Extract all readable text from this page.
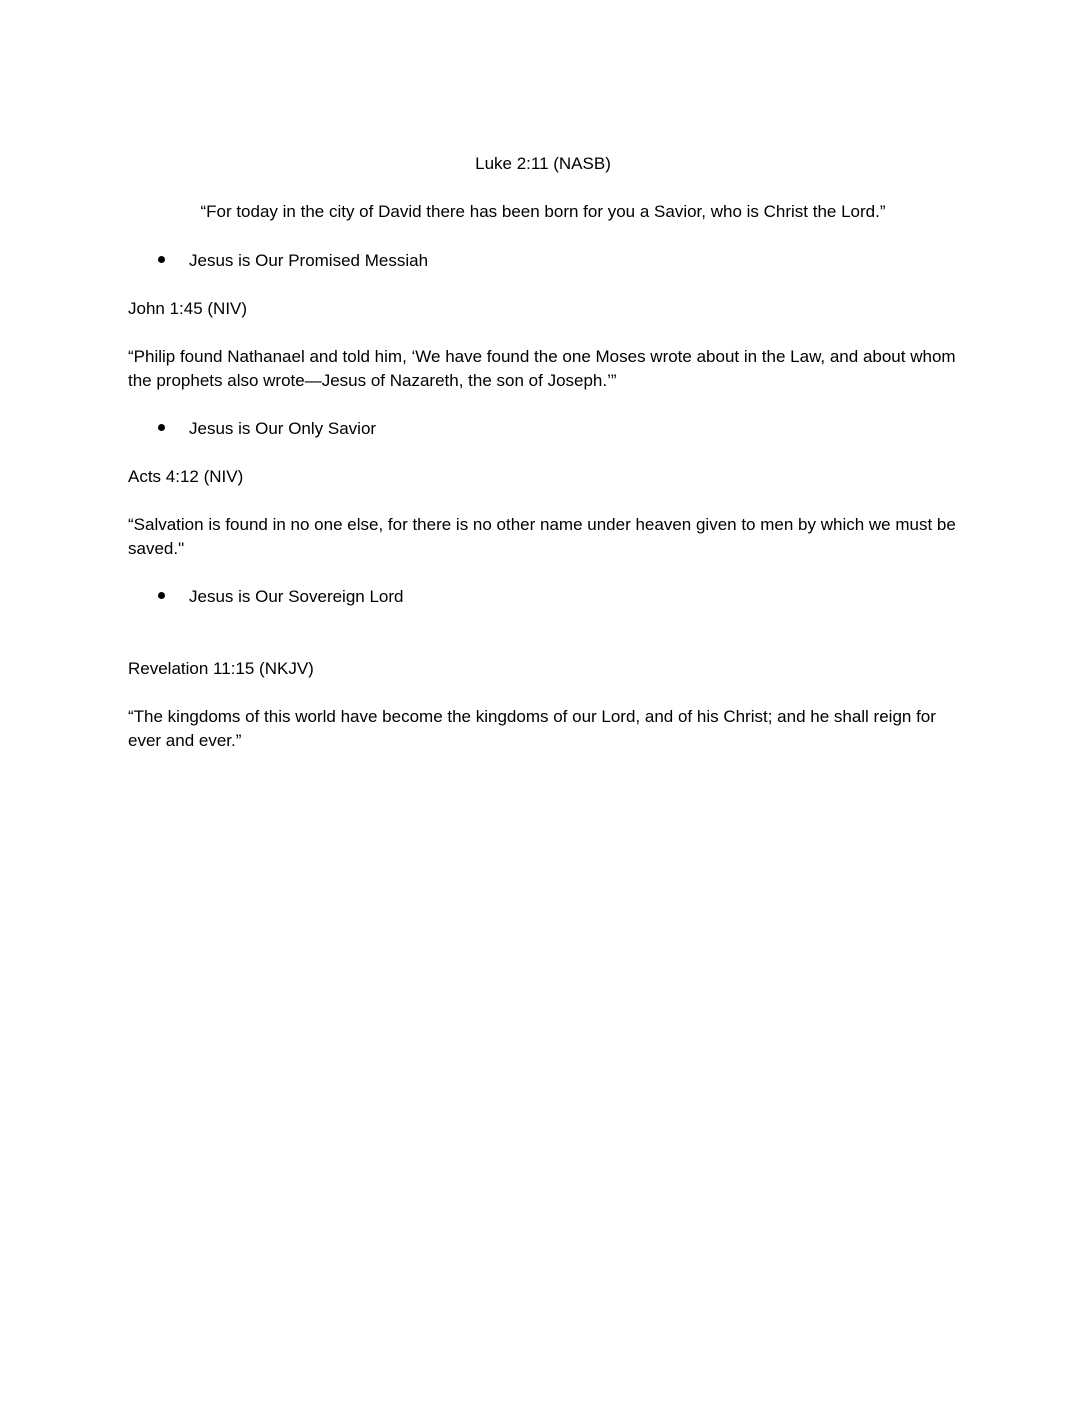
Luke 2:11 (NASB)

“For today in the city of David there has been born for you a Savior, who is Christ the Lord.”

Jesus is Our Promised Messiah

John 1:45 (NIV)

“Philip found Nathanael and told him, ‘We have found the one Moses wrote about in the Law, and about whom the prophets also wrote—Jesus of Nazareth, the son of Joseph.’”

Jesus is Our Only Savior

Acts 4:12 (NIV)

“Salvation is found in no one else, for there is no other name under heaven given to men by which we must be saved."

Jesus is Our Sovereign Lord

Revelation 11:15 (NKJV)

“The kingdoms of this world have become the kingdoms of our Lord, and of his Christ; and he shall reign for ever and ever.”
